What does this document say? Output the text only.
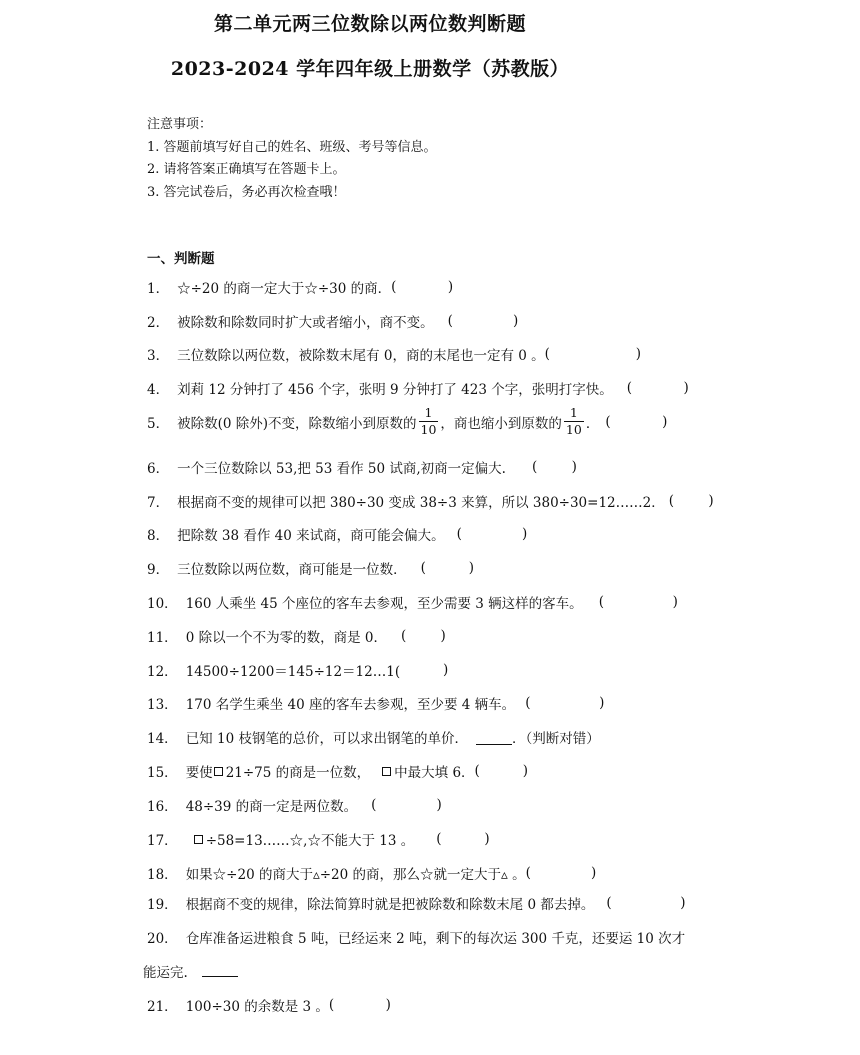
第二单元两三位数除以两位数判断题
2023-2024 学年四年级上册数学（苏教版）
注意事项：
1. 答题前填写好自己的姓名、班级、考号等信息。
2. 请将答案正确填写在答题卡上。
3. 答完试卷后，务必再次检查哦！
一、判断题
1． ☆÷20 的商一定大于☆÷30 的商． (            )
2． 被除数和除数同时扩大或者缩小，商不变。 (              )
3． 三位数除以两位数，被除数末尾有 0，商的末尾也一定有 0 。 (                    )
4． 刘莉 12 分钟打了 456 个字，张明 9 分钟打了 423 个字，张明打字快。 (            )
5． 被除数(0 除外)不变，除数缩小到原数的 $\frac{1}{10}$ ，商也缩小到原数的 $\frac{1}{10}$ ． (            )
6． 一个三位数除以 53,把 53 看作 50 试商,初商一定偏大. (        )
7． 根据商不变的规律可以把 380÷30 变成 38÷3 来算，所以 380÷30=12……2． (        )
8． 把除数 38 看作 40 来试商，商可能会偏大。 (              )
9． 三位数除以两位数，商可能是一位数． (          )
10． 160 人乘坐 45 个座位的客车去参观，至少需要 3 辆这样的客车。 (                )
11． 0 除以一个不为零的数，商是 0． (        )
12． 14500÷1200＝145÷12＝12…1( )
13． 170 名学生乘坐 40 座的客车去参观，至少要 4 辆车。 (                )
14． 已知 10 枝钢笔的总价，可以求出钢笔的单价．	．（判断对错）
15． 要使 21÷75 的商是一位数， 中最大填 6． (          )
16． 48÷39 的商一定是两位数。 (              )
17． ÷58=13……☆,☆不能大于 13 。 (          )
18． 如果☆÷20 的商大于▵÷20 的商，那么☆就一定大于▵ 。 (              )
19． 根据商不变的规律，除法简算时就是把被除数和除数末尾 0 都去掉。 (                )
20． 仓库准备运进粮食 5 吨，已经运来 2 吨，剩下的每次运 300 千克，还要运 10 次才
能运完.
21． 100÷30 的余数是 3 。 (            )
